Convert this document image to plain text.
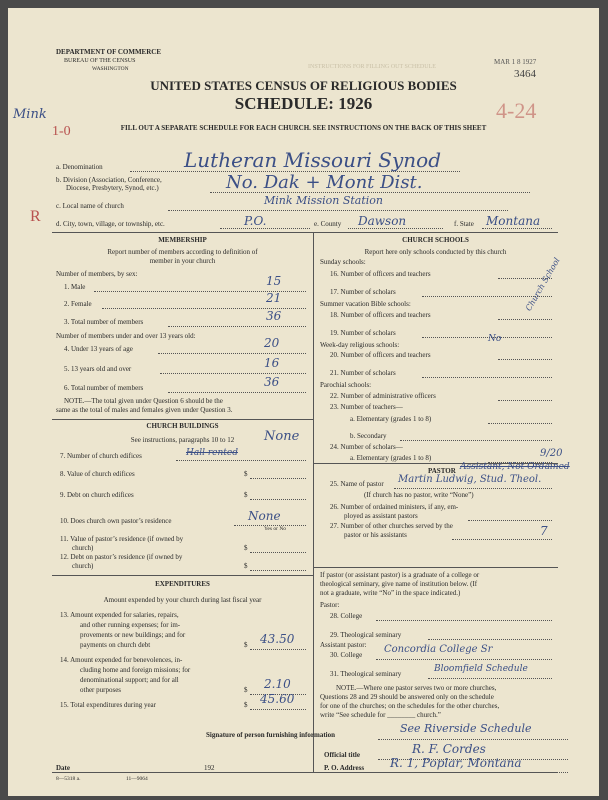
DEPARTMENT OF COMMERCE
BUREAU OF THE CENSUS
WASHINGTON	INSTRUCTIONS FOR FILLING OUT SCHEDULE
MAR 1 8 1927
3464
UNITED STATES CENSUS OF RELIGIOUS BODIES
SCHEDULE: 1926
Mink	4-24
FILL OUT A SEPARATE SCHEDULE FOR EACH CHURCH. SEE INSTRUCTIONS ON THE BACK OF THIS SHEET
1-0
a. Denomination	Lutheran Missouri Synod
b. Division (Association, Conference,
Diocese, Presbytery, Synod, etc.)	No. Dak + Mont Dist.
c. Local name of church	Mink Mission Station
d. City, town, village, or township, etc.	P.O.	e. County Dawson	f. State Montana
R
MEMBERSHIP
Report number of members according to definition of
member in your church
Number of members, by sex:
1. Male	15
2. Female	21
3. Total number of members	36
Number of members under and over 13 years old:
4. Under 13 years of age	20
5. 13 years old and over	16
6. Total number of members	36
NOTE.—The total given under Question 6 should be the
same as the total of males and females given under Question 3.
CHURCH BUILDINGS
See instructions, paragraphs 10 to 12	None
7. Number of church edifices	Hall rented
8. Value of church edifices	$
9. Debt on church edifices	$
10. Does church own pastor’s residence	None
Yes or No
11. Value of pastor’s residence (if owned by
church)	$
12. Debt on pastor’s residence (if owned by
church)	$
EXPENDITURES
Amount expended by your church during last fiscal year
13. Amount expended for salaries, repairs,
and other running expenses; for im-
provements or new buildings; and for
payments on church debt	$ 43.50
14. Amount expended for benevolences, in-
cluding home and foreign missions; for
denominational support; and for all
other purposes	$ 2.10
15. Total expenditures during year	$ 45.60
CHURCH SCHOOLS
Report here only schools conducted by this church
Sunday schools:
16. Number of officers and teachers
17. Number of scholars
Summer vacation Bible schools:
18. Number of officers and teachers
19. Number of scholars
No
Church School
Week-day religious schools:
20. Number of officers and teachers
21. Number of scholars
Parochial schools:
22. Number of administrative officers
23. Number of teachers—
a. Elementary (grades 1 to 8)
b. Secondary
24. Number of scholars—
a. Elementary (grades 1 to 8)
PASTOR Assistant, Not Ordained
9/20
25. Name of pastor Martin Ludwig, Stud. Theol.
(If church has no pastor, write “None”)
26. Number of ordained ministers, if any, em-
ployed as assistant pastors
27. Number of other churches served by the
pastor or his assistants	7
If pastor (or assistant pastor) is a graduate of a college or
theological seminary, give name of institution below. (If
not a graduate, write “No” in the space indicated.)
Pastor:
28. College
29. Theological seminary
Assistant pastor:
30. College Concordia College Sr
31. Theological seminary	Bloomfield Schedule
NOTE.—Where one pastor serves two or more churches,
Questions 28 and 29 should be answered only on the schedule
for one of the churches; on the schedules for the other churches,
write “See schedule for ________ church.”
Signature of person furnishing information	See Riverside Schedule
Official title	R. F. Cordes
Date	192	P. O. Address R. 1, Poplar, Montana
8—5318 a.	11—9064
